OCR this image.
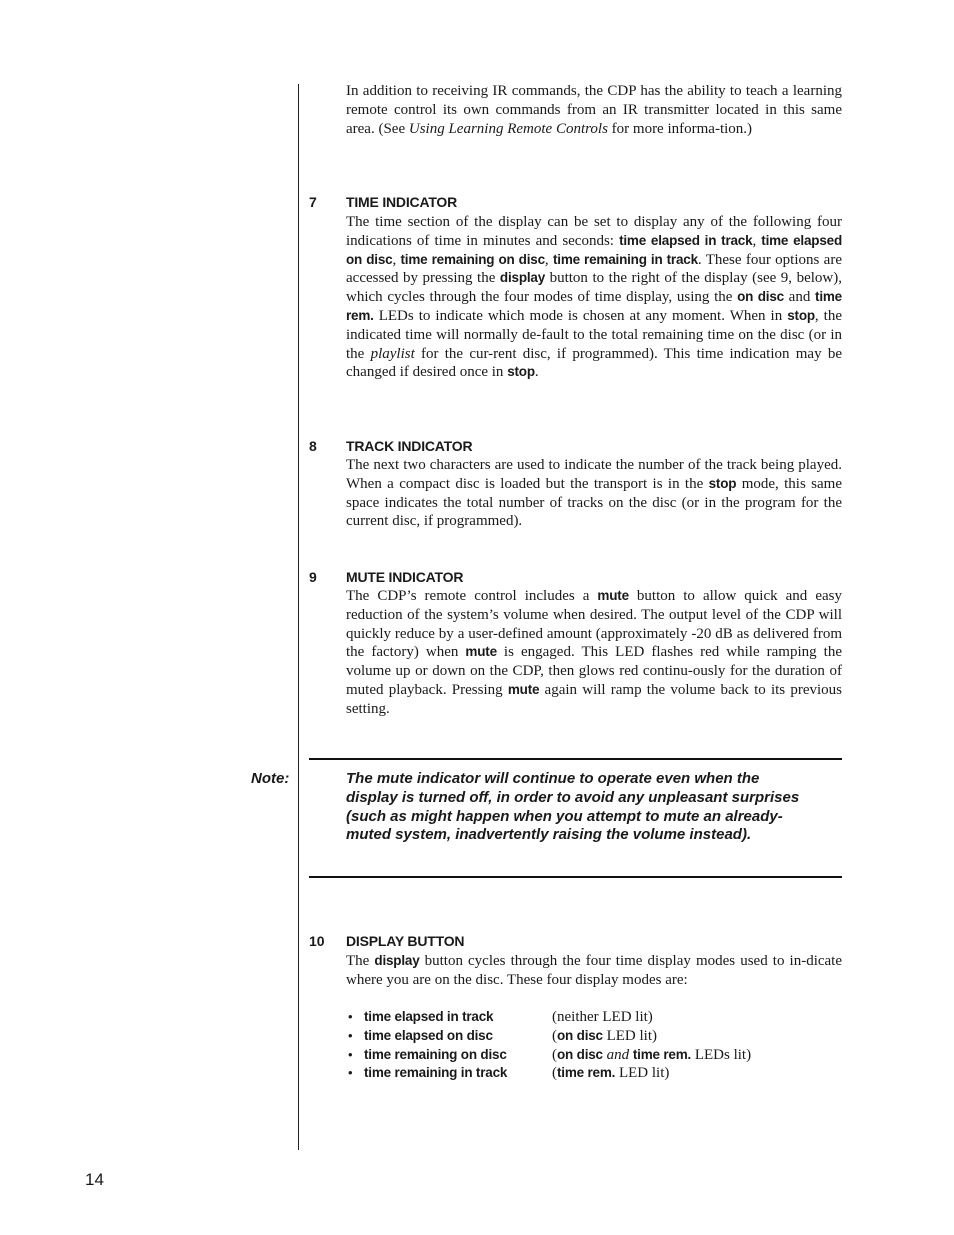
In addition to receiving IR commands, the CDP has the ability to teach a learning remote control its own commands from an IR transmitter located in this same area. (See Using Learning Remote Controls for more informa-tion.)

7 TIME INDICATOR

The time section of the display can be set to display any of the following four indications of time in minutes and seconds: time elapsed in track, time elapsed on disc, time remaining on disc, time remaining in track. These four options are accessed by pressing the display button to the right of the display (see 9, below), which cycles through the four modes of time display, using the on disc and time rem. LEDs to indicate which mode is chosen at any moment. When in stop, the indicated time will normally de-fault to the total remaining time on the disc (or in the playlist for the cur-rent disc, if programmed). This time indication may be changed if desired once in stop.

8 TRACK INDICATOR

The next two characters are used to indicate the number of the track being played. When a compact disc is loaded but the transport is in the stop mode, this same space indicates the total number of tracks on the disc (or in the program for the current disc, if programmed).

9 MUTE INDICATOR

The CDP’s remote control includes a mute button to allow quick and easy reduction of the system’s volume when desired. The output level of the CDP will quickly reduce by a user-defined amount (approximately -20 dB as delivered from the factory) when mute is engaged. This LED flashes red while ramping the volume up or down on the CDP, then glows red continu-ously for the duration of muted playback. Pressing mute again will ramp the volume back to its previous setting.

Note:	The mute indicator will continue to operate even when the display is turned off, in order to avoid any unpleasant surprises (such as might happen when you attempt to mute an already-muted system, inadvertently raising the volume instead).

10 DISPLAY BUTTON

The display button cycles through the four time display modes used to in-dicate where you are on the disc. These four display modes are:

• time elapsed in track	(neither LED lit)
• time elapsed on disc	(on disc LED lit)
• time remaining on disc	(on disc and time rem. LEDs lit)
• time remaining in track	(time rem. LED lit)
14
